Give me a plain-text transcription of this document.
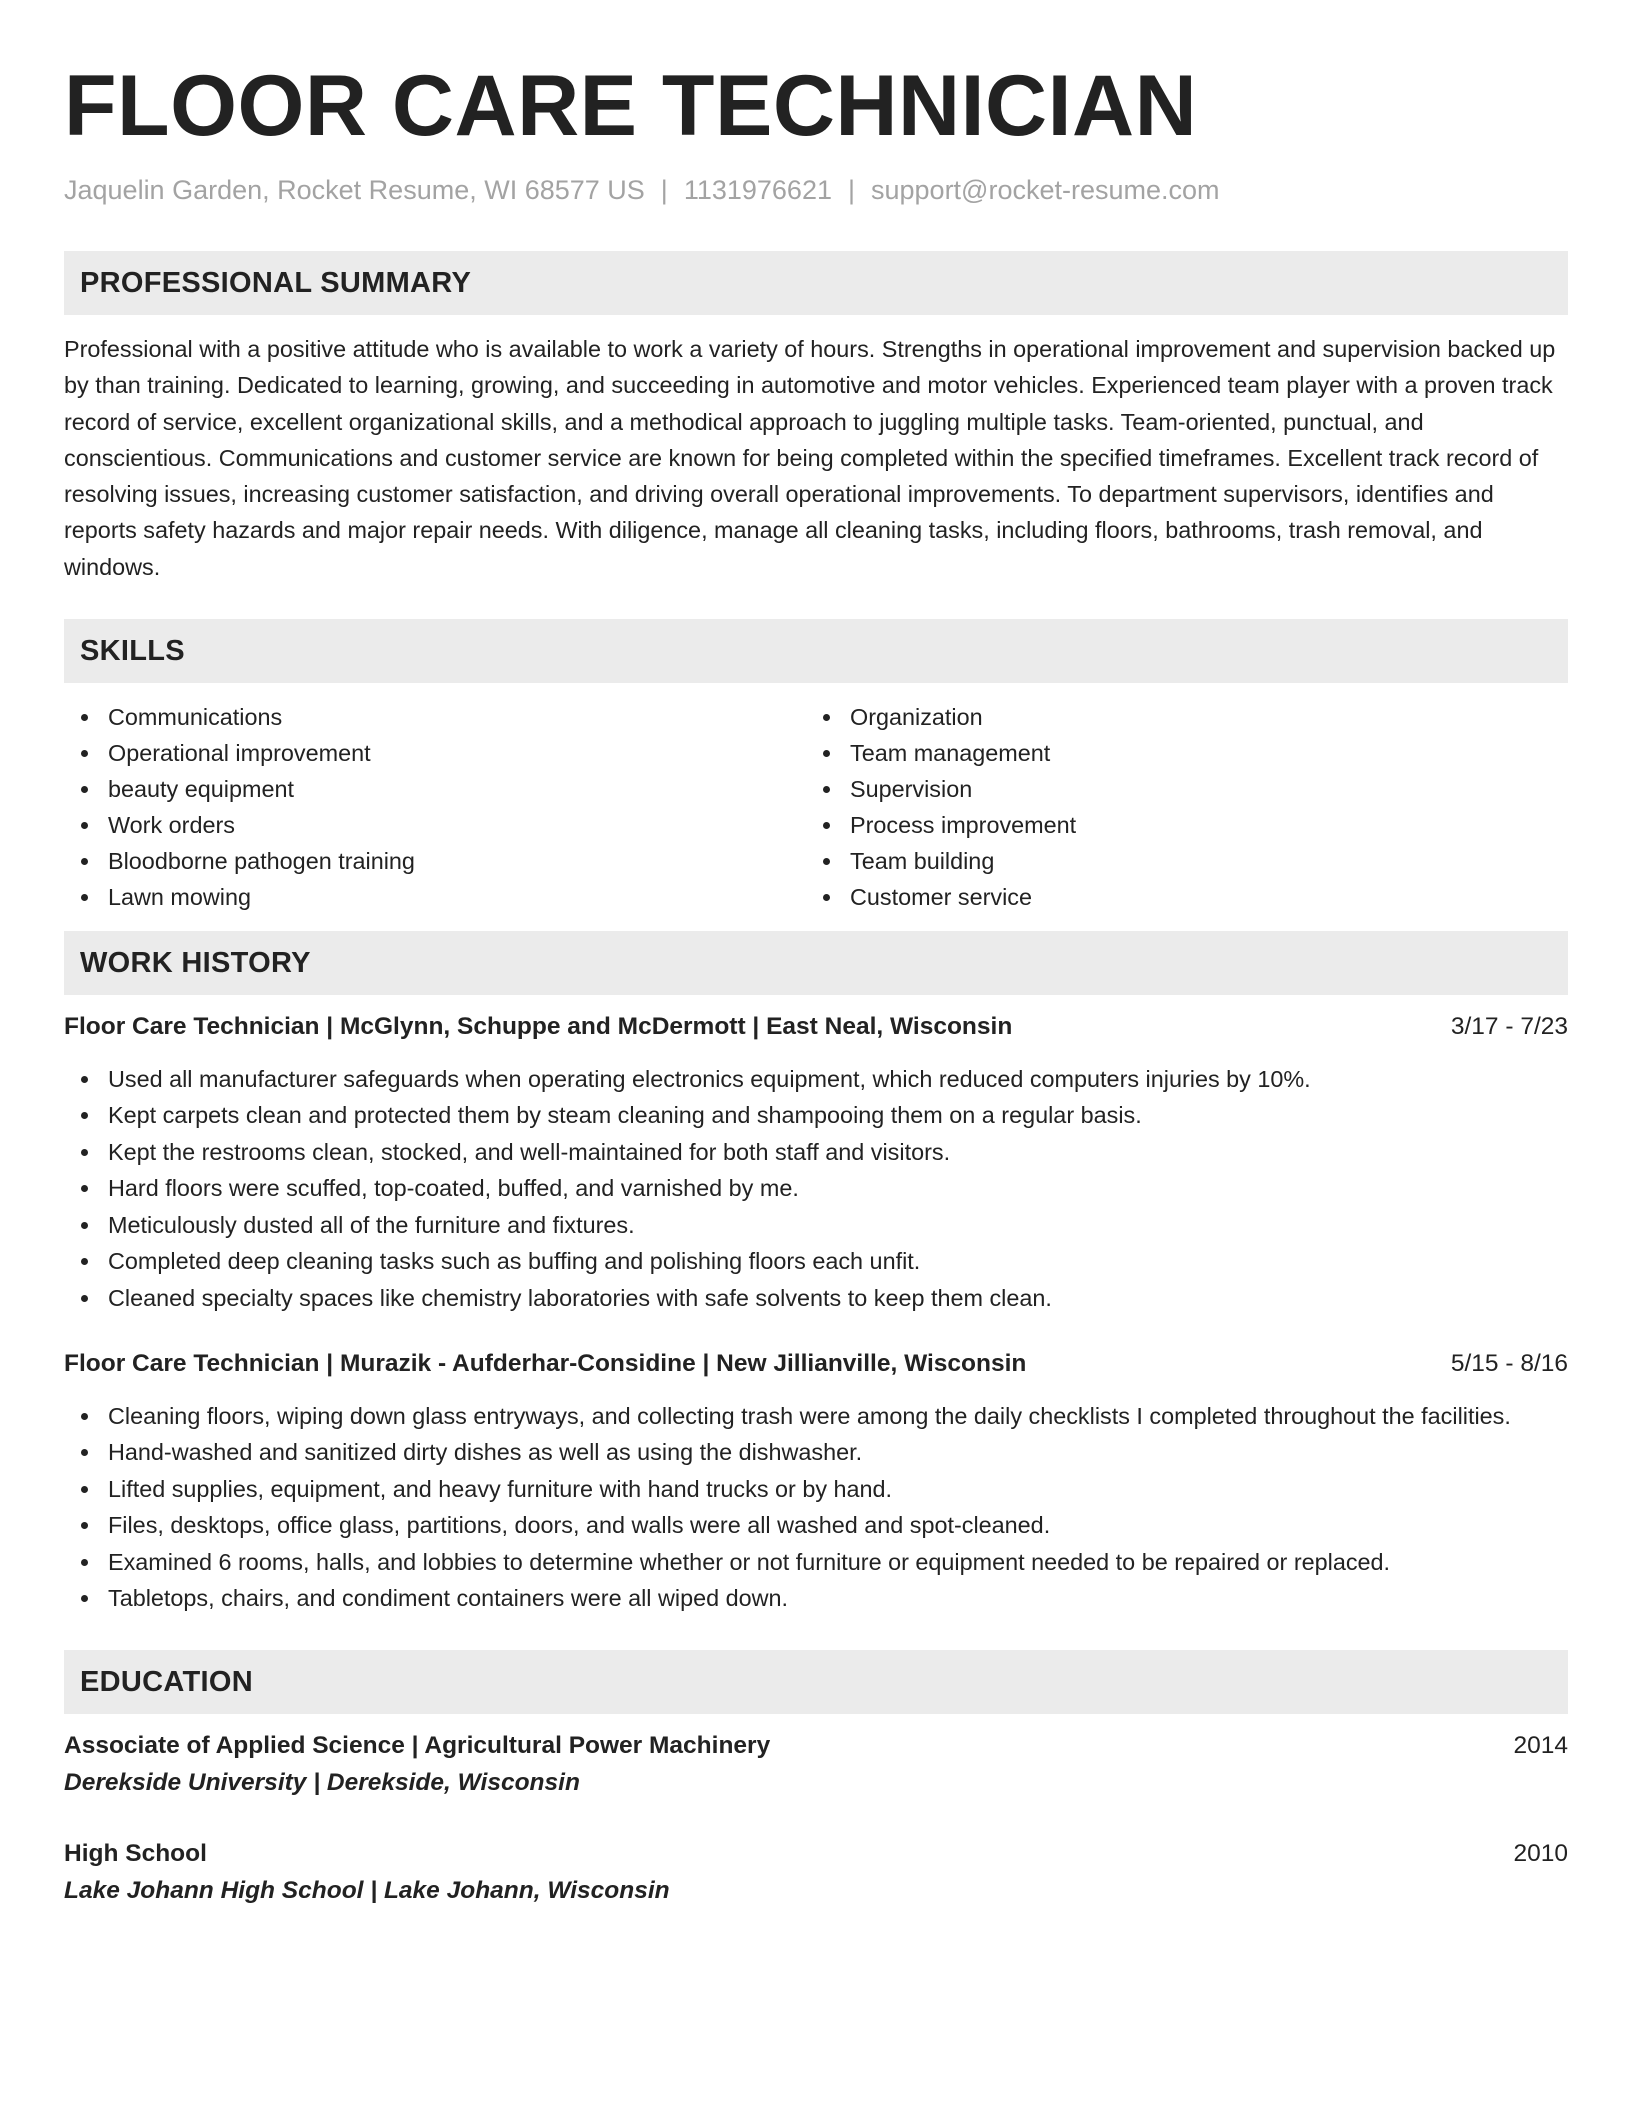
FLOOR CARE TECHNICIAN
Jaquelin Garden, Rocket Resume, WI 68577 US | 1131976621 | support@rocket-resume.com
PROFESSIONAL SUMMARY
Professional with a positive attitude who is available to work a variety of hours. Strengths in operational improvement and supervision backed up by than training. Dedicated to learning, growing, and succeeding in automotive and motor vehicles. Experienced team player with a proven track record of service, excellent organizational skills, and a methodical approach to juggling multiple tasks. Team-oriented, punctual, and conscientious. Communications and customer service are known for being completed within the specified timeframes. Excellent track record of resolving issues, increasing customer satisfaction, and driving overall operational improvements. To department supervisors, identifies and reports safety hazards and major repair needs. With diligence, manage all cleaning tasks, including floors, bathrooms, trash removal, and windows.
SKILLS
Communications
Operational improvement
beauty equipment
Work orders
Bloodborne pathogen training
Lawn mowing
Organization
Team management
Supervision
Process improvement
Team building
Customer service
WORK HISTORY
Floor Care Technician | McGlynn, Schuppe and McDermott | East Neal, Wisconsin	3/17 - 7/23
Used all manufacturer safeguards when operating electronics equipment, which reduced computers injuries by 10%.
Kept carpets clean and protected them by steam cleaning and shampooing them on a regular basis.
Kept the restrooms clean, stocked, and well-maintained for both staff and visitors.
Hard floors were scuffed, top-coated, buffed, and varnished by me.
Meticulously dusted all of the furniture and fixtures.
Completed deep cleaning tasks such as buffing and polishing floors each unfit.
Cleaned specialty spaces like chemistry laboratories with safe solvents to keep them clean.
Floor Care Technician | Murazik - Aufderhar-Considine | New Jillianville, Wisconsin	5/15 - 8/16
Cleaning floors, wiping down glass entryways, and collecting trash were among the daily checklists I completed throughout the facilities.
Hand-washed and sanitized dirty dishes as well as using the dishwasher.
Lifted supplies, equipment, and heavy furniture with hand trucks or by hand.
Files, desktops, office glass, partitions, doors, and walls were all washed and spot-cleaned.
Examined 6 rooms, halls, and lobbies to determine whether or not furniture or equipment needed to be repaired or replaced.
Tabletops, chairs, and condiment containers were all wiped down.
EDUCATION
Associate of Applied Science | Agricultural Power Machinery	2014
Derekside University | Derekside, Wisconsin
High School	2010
Lake Johann High School | Lake Johann, Wisconsin
